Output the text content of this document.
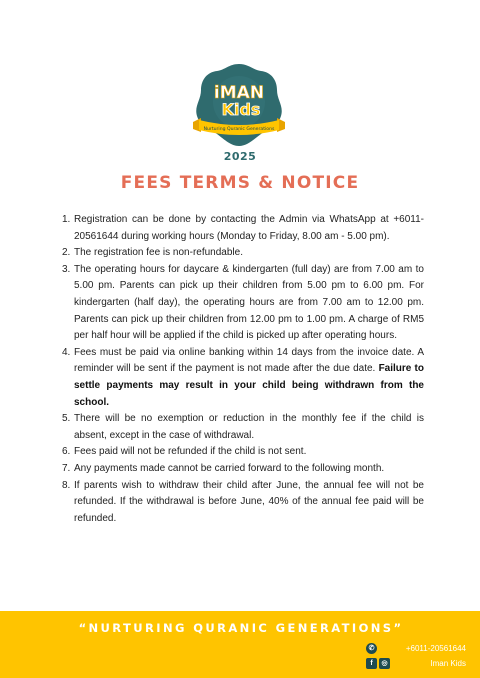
iMAN
Kids
Nurturing Quranic Generations
2025
FEES TERMS & NOTICE
1. Registration can be done by contacting the Admin via WhatsApp at +6011-20561644 during working hours (Monday to Friday, 8.00 am - 5.00 pm).
2. The registration fee is non-refundable.
3. The operating hours for daycare & kindergarten (full day) are from 7.00 am to 5.00 pm. Parents can pick up their children from 5.00 pm to 6.00 pm. For kindergarten (half day), the operating hours are from 7.00 am to 12.00 pm. Parents can pick up their children from 12.00 pm to 1.00 pm. A charge of RM5 per half hour will be applied if the child is picked up after operating hours.
4. Fees must be paid via online banking within 14 days from the invoice date. A reminder will be sent if the payment is not made after the due date. Failure to settle payments may result in your child being withdrawn from the school.
5. There will be no exemption or reduction in the monthly fee if the child is absent, except in the case of withdrawal.
6. Fees paid will not be refunded if the child is not sent.
7. Any payments made cannot be carried forward to the following month.
8. If parents wish to withdraw their child after June, the annual fee will not be refunded. If the withdrawal is before June, 40% of the annual fee paid will be refunded.
“NURTURING QURANIC GENERATIONS”
✆	+6011-20561644
f	◎	Iman Kids
